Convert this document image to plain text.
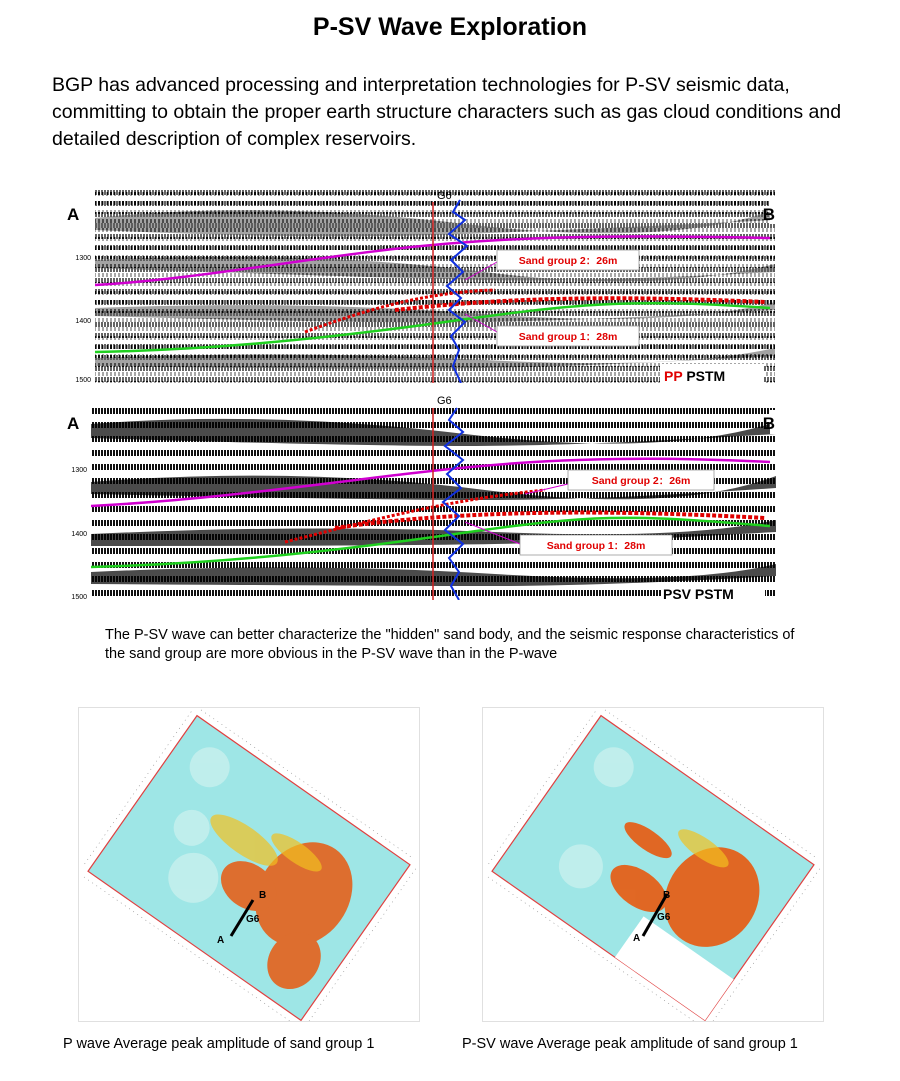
P-SV Wave Exploration
BGP has advanced processing and interpretation technologies for P-SV seismic data, committing to obtain the proper earth structure characters such as gas cloud conditions and detailed description of complex reservoirs.
G6
A	B
1300
1400
1500
Sand group 2：26m
Sand group 1：28m
PP PSTM
G6
A	B
1300
1400
1500
Sand group 2：26m
Sand group 1：28m
PSV PSTM
The P-SV wave can better characterize the "hidden" sand body, and the seismic response characteristics of the sand group are more obvious in the P-SV wave than in the P-wave
A
B
G6
P wave Average peak amplitude of sand group 1
A
B
G6
P-SV wave Average peak amplitude of sand group 1
